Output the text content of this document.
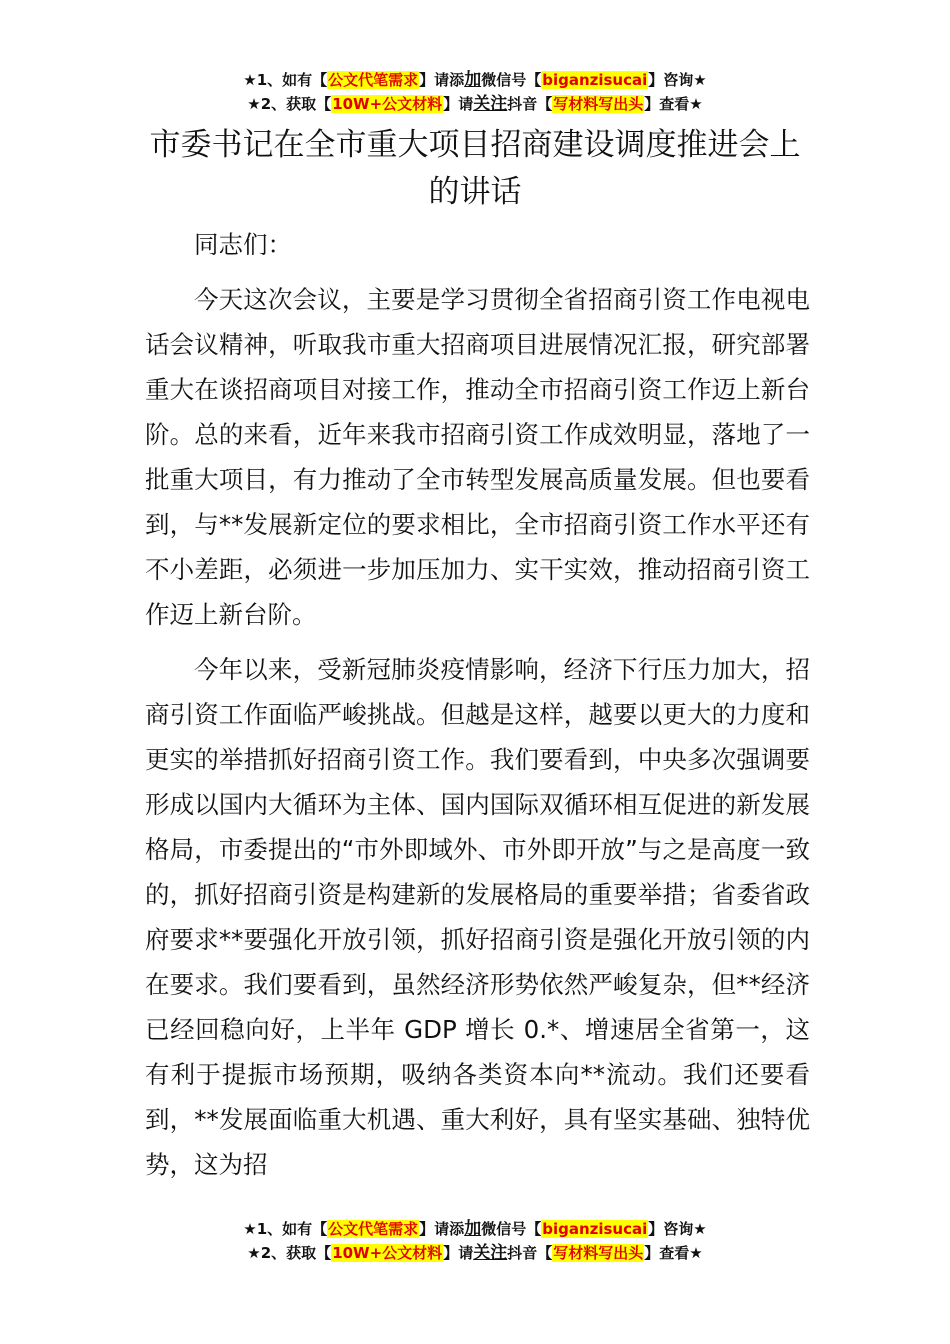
★1、如有【公文代笔需求】请添加微信号【biganzisucai】咨询★
★2、获取【10W+公文材料】请关注抖音【写材料写出头】查看★
市委书记在全市重大项目招商建设调度推进会上的讲话

同志们：

今天这次会议，主要是学习贯彻全省招商引资工作电视电话会议精神，听取我市重大招商项目进展情况汇报，研究部署重大在谈招商项目对接工作，推动全市招商引资工作迈上新台阶。总的来看，近年来我市招商引资工作成效明显，落地了一批重大项目，有力推动了全市转型发展高质量发展。但也要看到，与**发展新定位的要求相比，全市招商引资工作水平还有不小差距，必须进一步加压加力、实干实效，推动招商引资工作迈上新台阶。

今年以来，受新冠肺炎疫情影响，经济下行压力加大，招商引资工作面临严峻挑战。但越是这样，越要以更大的力度和更实的举措抓好招商引资工作。我们要看到，中央多次强调要形成以国内大循环为主体、国内国际双循环相互促进的新发展格局，市委提出的“市外即域外、市外即开放”与之是高度一致的，抓好招商引资是构建新的发展格局的重要举措；省委省政府要求**要强化开放引领，抓好招商引资是强化开放引领的内在要求。我们要看到，虽然经济形势依然严峻复杂，但**经济已经回稳向好，上半年 GDP 增长 0.*、增速居全省第一，这有利于提振市场预期，吸纳各类资本向**流动。我们还要看到，**发展面临重大机遇、重大利好，具有坚实基础、独特优势，这为招

★1、如有【公文代笔需求】请添加微信号【biganzisucai】咨询★
★2、获取【10W+公文材料】请关注抖音【写材料写出头】查看★
